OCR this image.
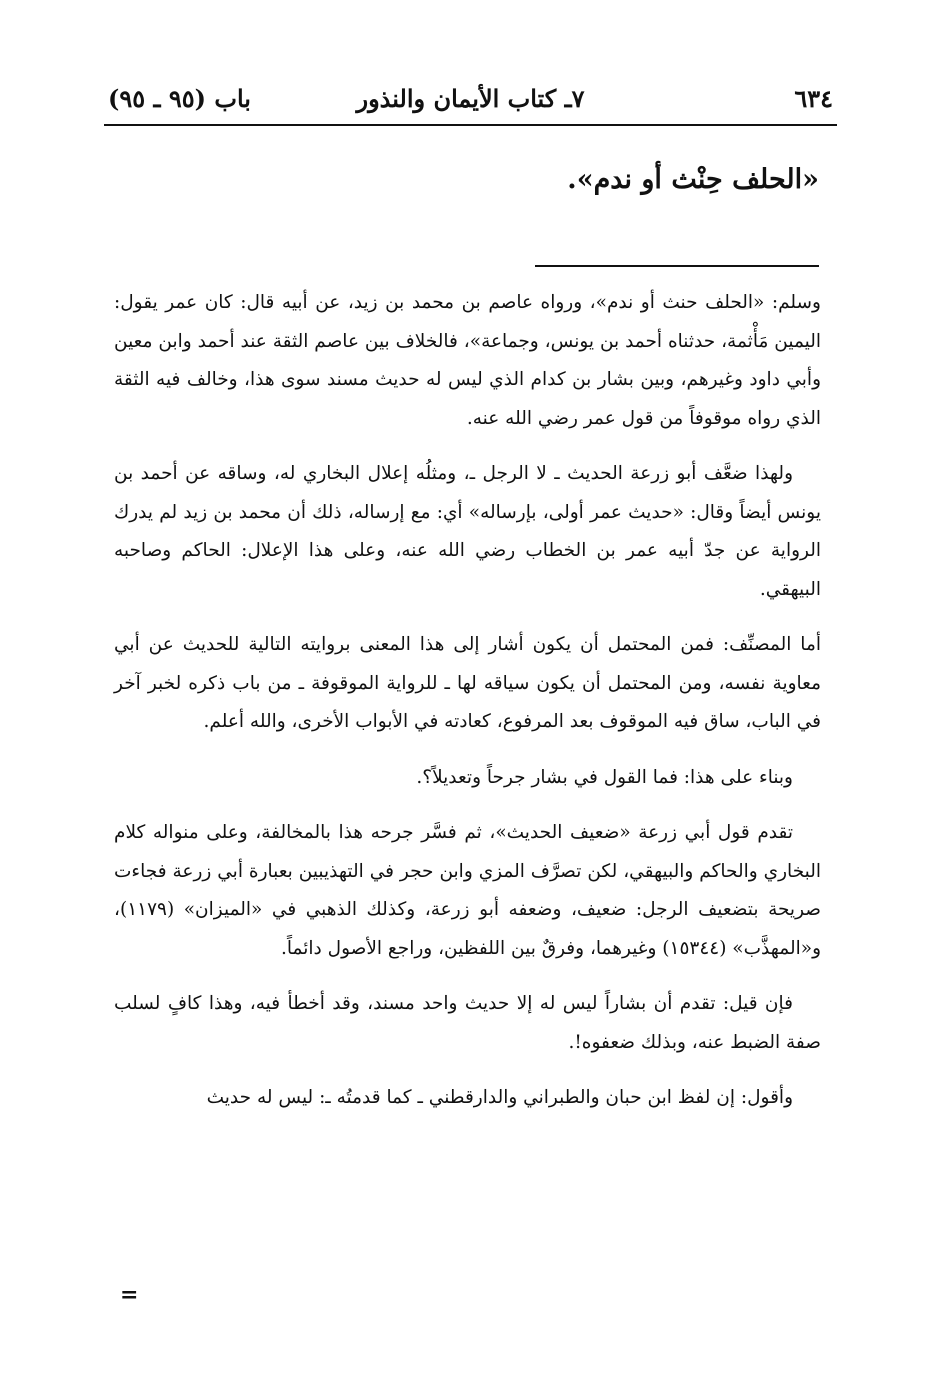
٦٣٤
٧ـ كتاب الأيمان والنذور
باب (٩٥ ـ ٩٥)
«الحلف حِنْث أو ندم».

وسلم: «الحلف حنث أو ندم»، ورواه عاصم بن محمد بن زيد، عن أبيه قال: كان عمر يقول: اليمين مَأْثمة، حدثناه أحمد بن يونس، وجماعة»، فالخلاف بين عاصم الثقة عند أحمد وابن معين وأبي داود وغيرهم، وبين بشار بن كدام الذي ليس له حديث مسند سوى هذا، وخالف فيه الثقة الذي رواه موقوفاً من قول عمر رضي الله عنه.

ولهذا ضعَّف أبو زرعة الحديث ـ لا الرجل ـ، ومثلُه إعلال البخاري له، وساقه عن أحمد بن يونس أيضاً وقال: «حديث عمر أولى، بإرساله» أي: مع إرساله، ذلك أن محمد بن زيد لم يدرك الرواية عن جدّ أبيه عمر بن الخطاب رضي الله عنه، وعلى هذا الإعلال: الحاكم وصاحبه البيهقي.

أما المصنِّف: فمن المحتمل أن يكون أشار إلى هذا المعنى بروايته التالية للحديث عن أبي معاوية نفسه، ومن المحتمل أن يكون سياقه لها ـ للرواية الموقوفة ـ من باب ذكره لخبر آخر في الباب، ساق فيه الموقوف بعد المرفوع، كعادته في الأبواب الأخرى، والله أعلم.

وبناء على هذا: فما القول في بشار جرحاً وتعديلاً؟.

تقدم قول أبي زرعة «ضعيف الحديث»، ثم فسَّر جرحه هذا بالمخالفة، وعلى منواله كلام البخاري والحاكم والبيهقي، لكن تصرَّف المزي وابن حجر في التهذيبين بعبارة أبي زرعة فجاءت صريحة بتضعيف الرجل: ضعيف، وضعفه أبو زرعة، وكذلك الذهبي في «الميزان» (١١٧٩)، و«المهذَّب» (١٥٣٤٤) وغيرهما، وفرقٌ بين اللفظين، وراجع الأصول دائماً.

فإن قيل: تقدم أن بشاراً ليس له إلا حديث واحد مسند، وقد أخطأ فيه، وهذا كافٍ لسلب صفة الضبط عنه، وبذلك ضعفوه!.

وأقول: إن لفظ ابن حبان والطبراني والدارقطني ـ كما قدمتُه ـ: ليس له حديث

=
